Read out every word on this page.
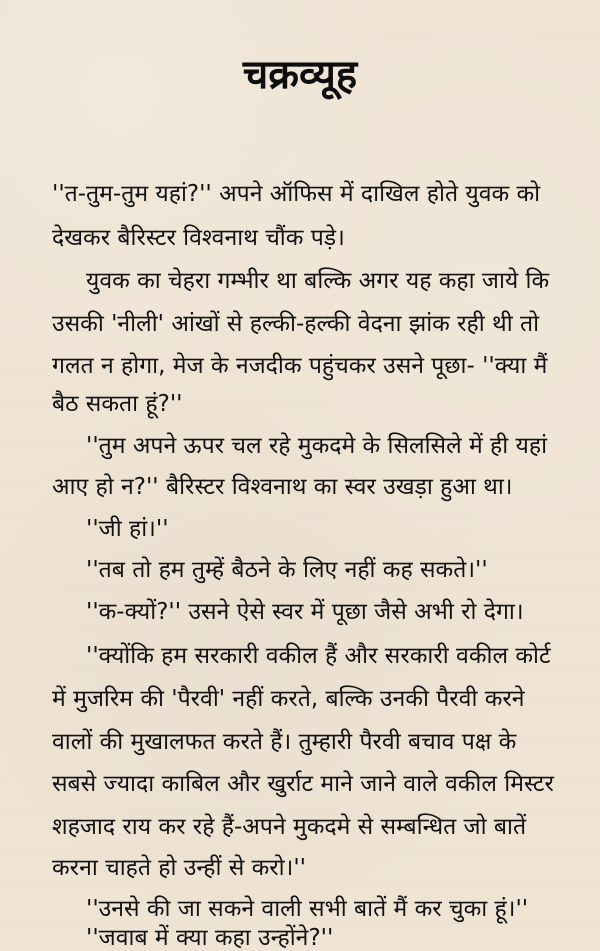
चक्रव्यूह
''त-तुम-तुम यहां?'' अपने ऑफिस में दाखिल होते युवक को
देखकर बैरिस्टर विश्वनाथ चौंक पड़े।
युवक का चेहरा गम्भीर था बल्कि अगर यह कहा जाये कि
उसकी 'नीली' आंखों से हल्की-हल्की वेदना झांक रही थी तो
गलत न होगा, मेज के नजदीक पहुंचकर उसने पूछा- ''क्या मैं
बैठ सकता हूं?''
''तुम अपने ऊपर चल रहे मुकदमे के सिलसिले में ही यहां
आए हो न?'' बैरिस्टर विश्वनाथ का स्वर उखड़ा हुआ था।
''जी हां।''
''तब तो हम तुम्हें बैठने के लिए नहीं कह सकते।''
''क-क्यों?'' उसने ऐसे स्वर में पूछा जैसे अभी रो देगा।
''क्योंकि हम सरकारी वकील हैं और सरकारी वकील कोर्ट
में मुजरिम की 'पैरवी' नहीं करते, बल्कि उनकी पैरवी करने
वालों की मुखालफत करते हैं। तुम्हारी पैरवी बचाव पक्ष के
सबसे ज्यादा काबिल और खुर्राट माने जाने वाले वकील मिस्टर
शहजाद राय कर रहे हैं-अपने मुकदमे से सम्बन्धित जो बातें
करना चाहते हो उन्हीं से करो।''
''उनसे की जा सकने वाली सभी बातें मैं कर चुका हूं।''
''जवाब में क्या कहा उन्होंने?''
